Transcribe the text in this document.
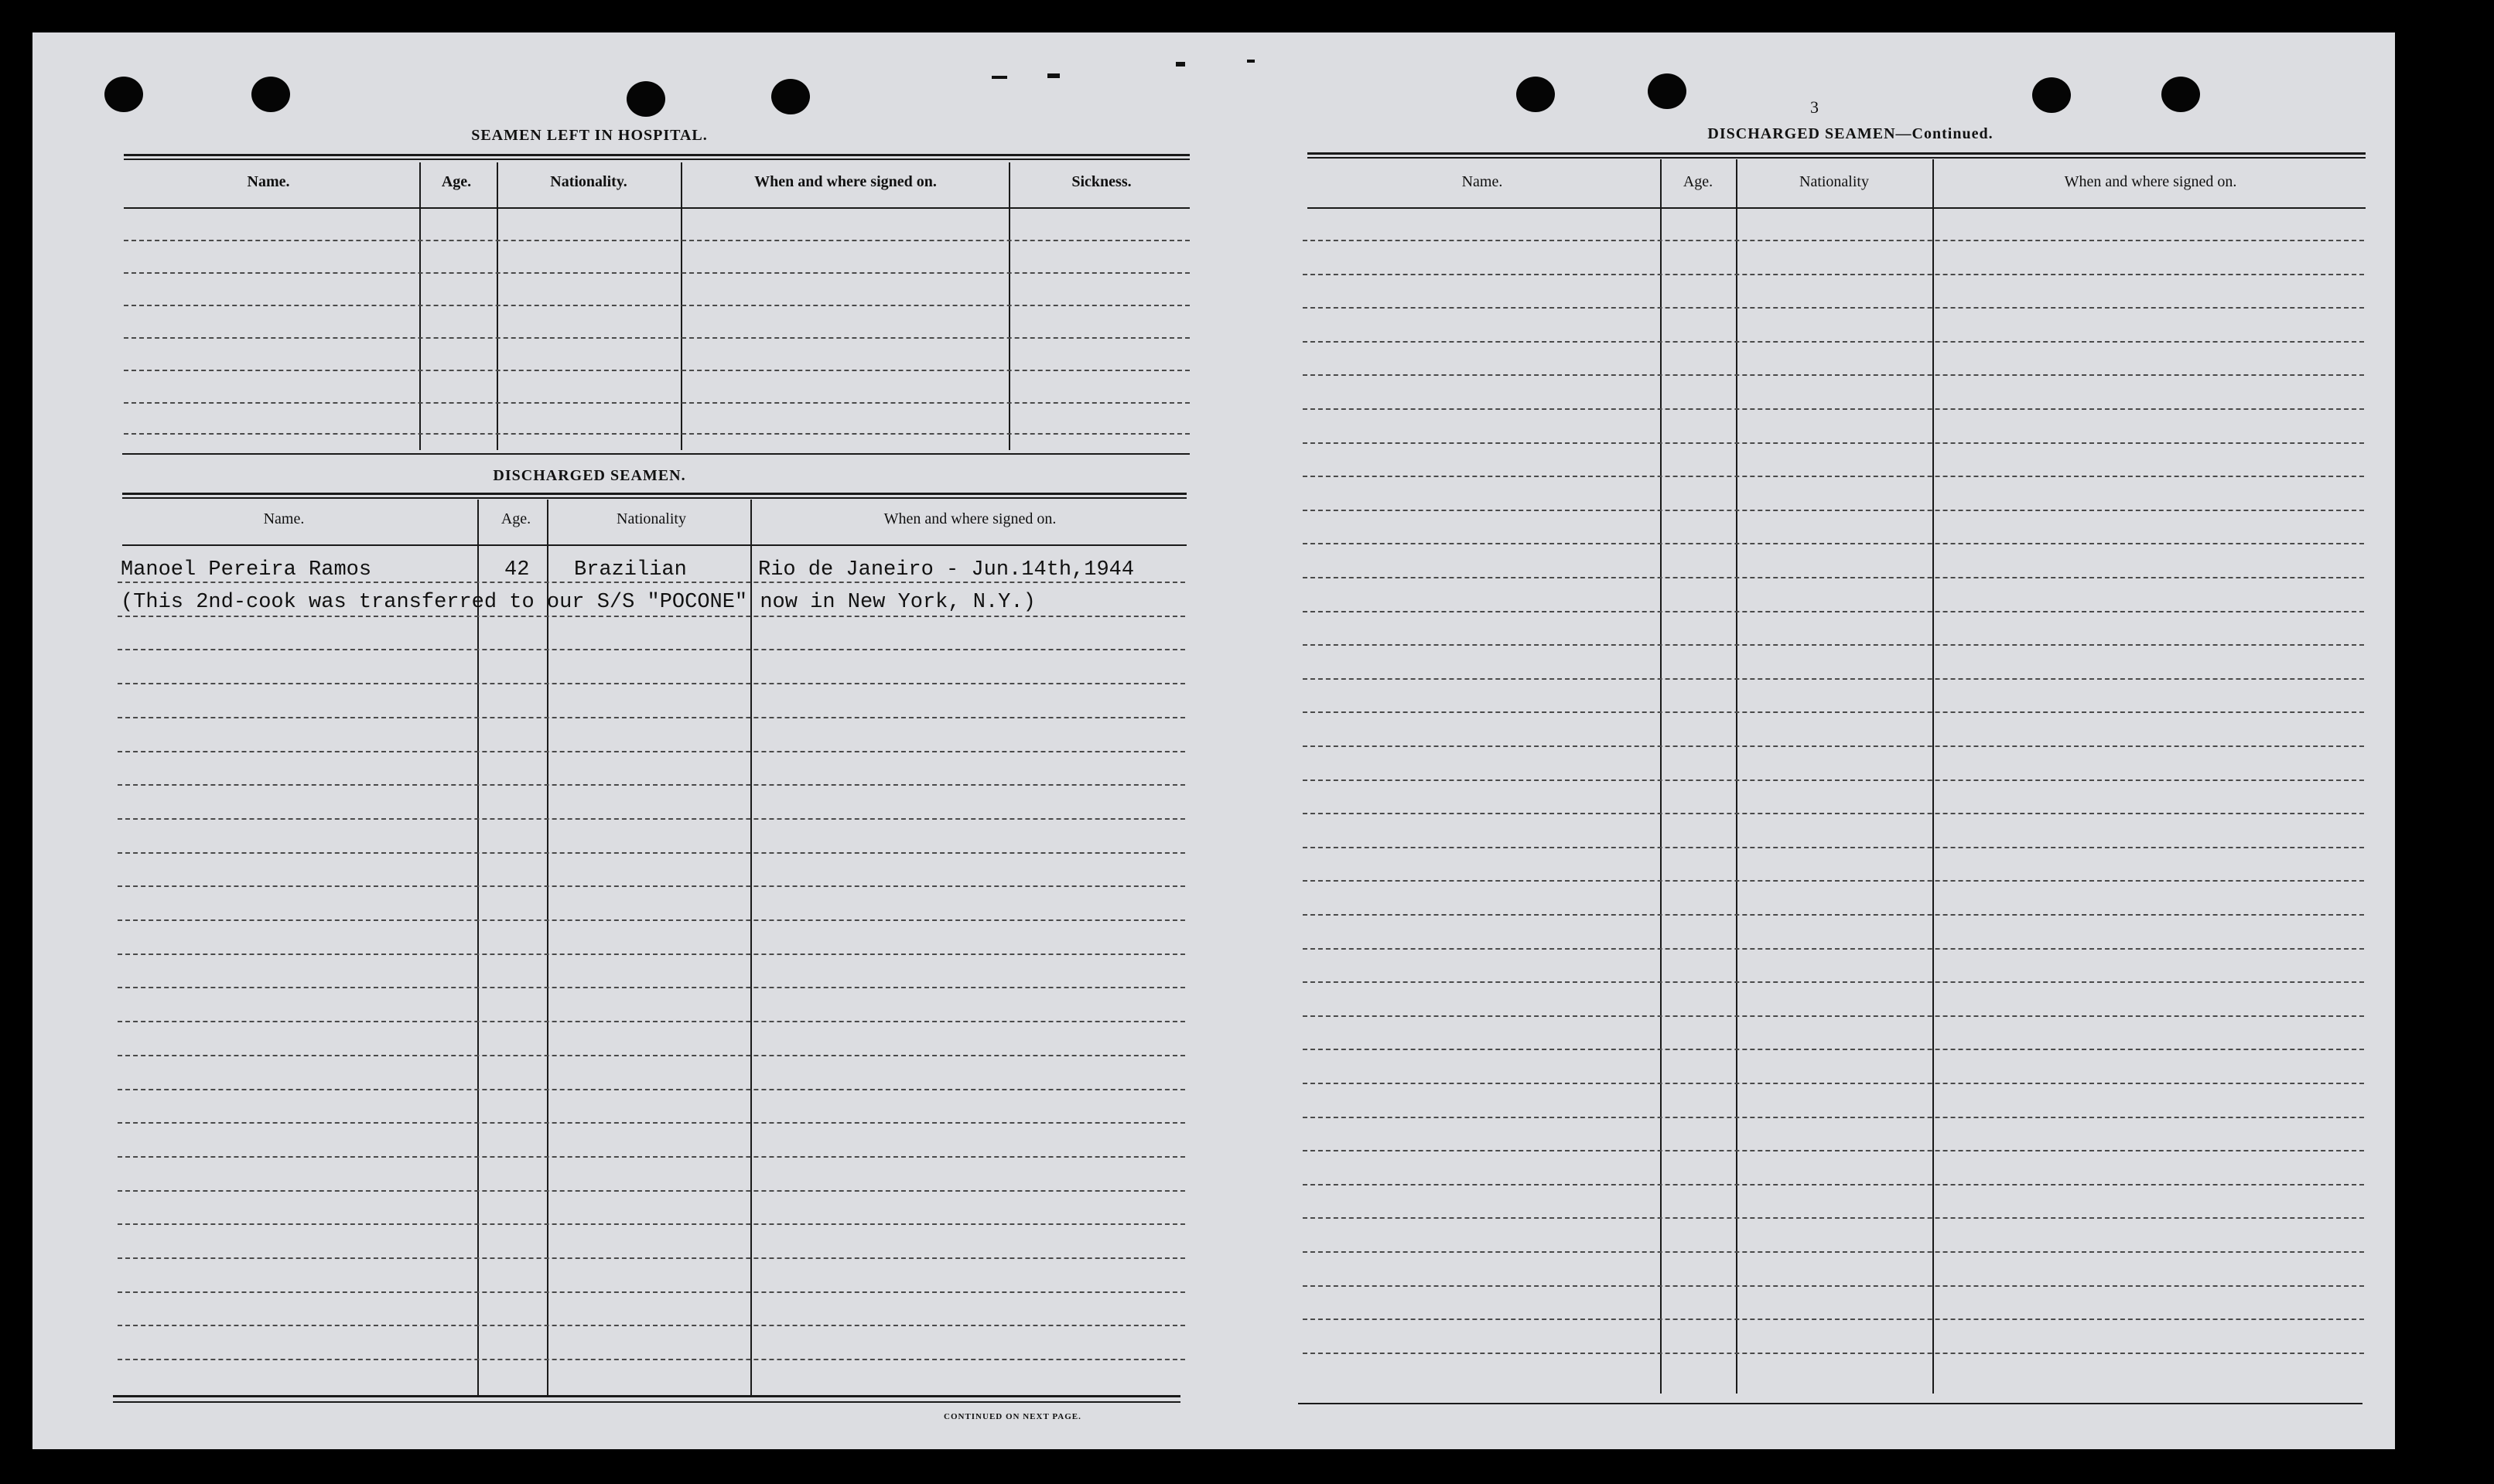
SEAMEN LEFT IN HOSPITAL.
Name.	Age.	Nationality.	When and where signed on.	Sickness.
DISCHARGED SEAMEN.
Name.	Age.	Nationality	When and where signed on.
Manoel Pereira Ramos	42 Brazilian	Rio de Janeiro - Jun.14th,1944
(This 2nd-cook was transferred to our S/S "POCONE" now in New York, N.Y.)
CONTINUED ON NEXT PAGE.
3
DISCHARGED SEAMEN—Continued.
Name.	Age.	Nationality	When and where signed on.
